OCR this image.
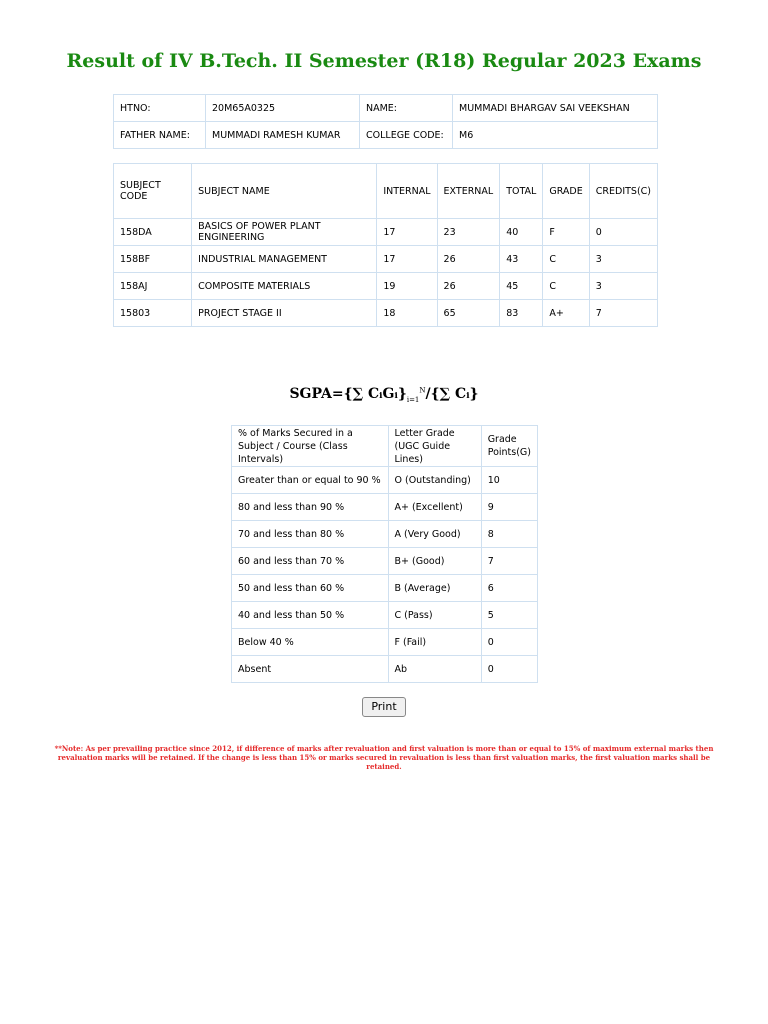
Result of IV B.Tech. II Semester (R18) Regular 2023 Exams
HTNO:	20M65A0325	NAME:	MUMMADI BHARGAV SAI VEEKSHAN
FATHER NAME:	MUMMADI RAMESH KUMAR	COLLEGE CODE:	M6
SUBJECT CODE	SUBJECT NAME	INTERNAL	EXTERNAL	TOTAL	GRADE	CREDITS(C)
158DA	BASICS OF POWER PLANT ENGINEERING	17	23	40	F	0
158BF	INDUSTRIAL MANAGEMENT	17	26	43	C	3
158AJ	COMPOSITE MATERIALS	19	26	45	C	3
15803	PROJECT STAGE II	18	65	83	A+	7
SGPA={∑ $CᵢGᵢ\}_{i=1}^N/\{\sum$ Cᵢ}
% of Marks Secured in a Subject / Course (Class Intervals)	Letter Grade (UGC Guide Lines)	Grade Points(G)
Greater than or equal to 90 %	O (Outstanding)	10
80 and less than 90 %	A+ (Excellent)	9
70 and less than 80 %	A (Very Good)	8
60 and less than 70 %	B+ (Good)	7
50 and less than 60 %	B (Average)	6
40 and less than 50 %	C (Pass)	5
Below 40 %	F (Fail)	0
Absent	Ab	0
Print
**Note: As per prevailing practice since 2012, if difference of marks after revaluation and first valuation is more than or equal to 15% of maximum external marks then revaluation marks will be retained. If the change is less than 15% or marks secured in revaluation is less than first valuation marks, the first valuation marks shall be retained.
